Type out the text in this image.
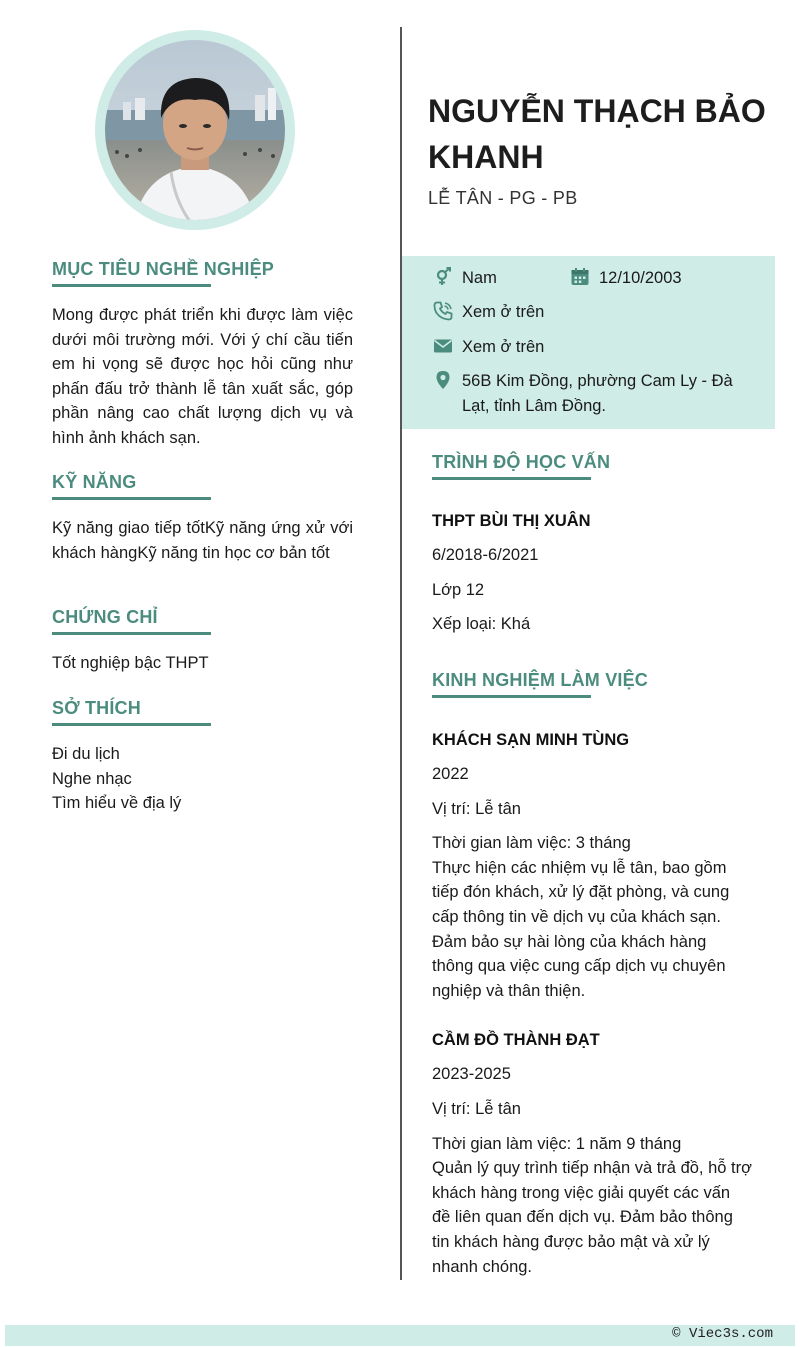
MỤC TIÊU NGHỀ NGHIỆP
Mong được phát triển khi được làm việc dưới môi trường mới. Với ý chí cầu tiến em hi vọng sẽ được học hỏi cũng như phấn đấu trở thành lễ tân xuất sắc, góp phần nâng cao chất lượng dịch vụ và hình ảnh khách sạn.
KỸ NĂNG
Kỹ năng giao tiếp tốtKỹ năng ứng xử với khách hàngKỹ năng tin học cơ bản tốt
CHỨNG CHỈ
Tốt nghiệp bậc THPT
SỞ THÍCH
Đi du lịch
Nghe nhạc
Tìm hiểu về địa lý
NGUYỄN THẠCH BẢO KHANH
LỄ TÂN - PG - PB
Nam	12/10/2003
Xem ở trên
Xem ở trên
56B Kim Đồng, phường Cam Ly - Đà Lạt, tỉnh Lâm Đồng.
TRÌNH ĐỘ HỌC VẤN
THPT BÙI THỊ XUÂN
6/2018-6/2021
Lớp 12
Xếp loại: Khá
KINH NGHIỆM LÀM VIỆC
KHÁCH SẠN MINH TÙNG
2022
Vị trí: Lễ tân
Thời gian làm việc: 3 tháng
Thực hiện các nhiệm vụ lễ tân, bao gồm tiếp đón khách, xử lý đặt phòng, và cung cấp thông tin về dịch vụ của khách sạn. Đảm bảo sự hài lòng của khách hàng thông qua việc cung cấp dịch vụ chuyên nghiệp và thân thiện.
CẦM ĐỒ THÀNH ĐẠT
2023-2025
Vị trí: Lễ tân
Thời gian làm việc: 1 năm 9 tháng
Quản lý quy trình tiếp nhận và trả đồ, hỗ trợ khách hàng trong việc giải quyết các vấn đề liên quan đến dịch vụ. Đảm bảo thông tin khách hàng được bảo mật và xử lý nhanh chóng.
© Viec3s.com
